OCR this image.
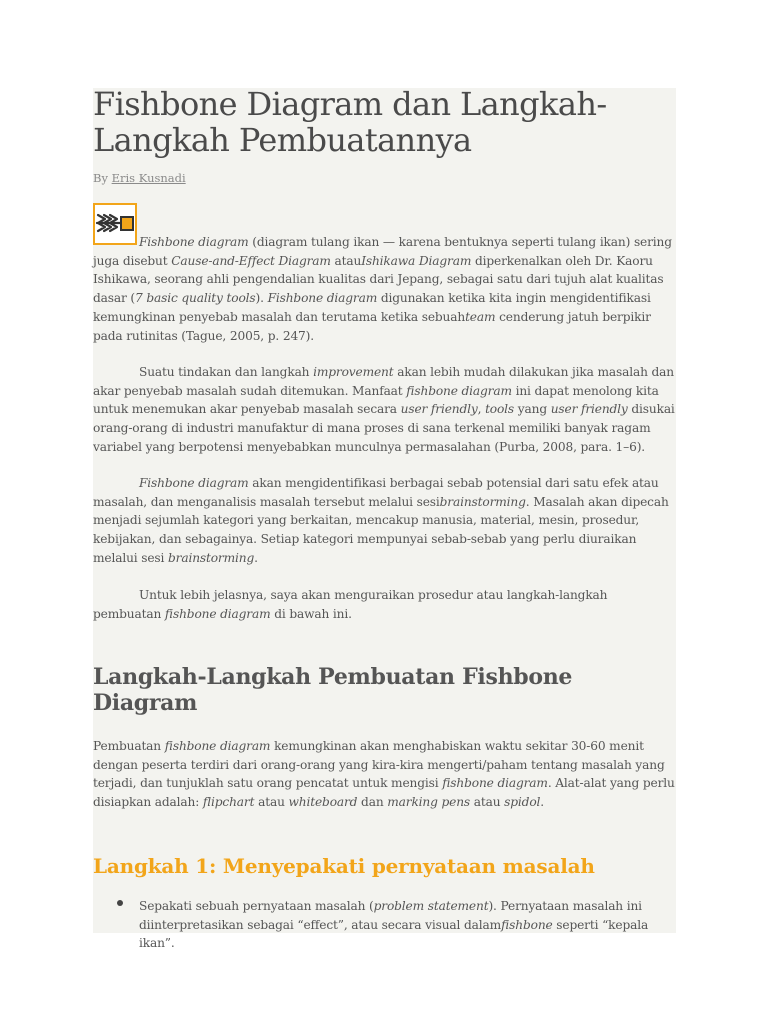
Fishbone Diagram dan Langkah-Langkah Pembuatannya
By Eris Kusnadi

Fishbone diagram (diagram tulang ikan — karena bentuknya seperti tulang ikan) sering juga disebut Cause-and-Effect Diagram atauIshikawa Diagram diperkenalkan oleh Dr. Kaoru Ishikawa, seorang ahli pengendalian kualitas dari Jepang, sebagai satu dari tujuh alat kualitas dasar (7 basic quality tools). Fishbone diagram digunakan ketika kita ingin mengidentifikasi kemungkinan penyebab masalah dan terutama ketika sebuahteam cenderung jatuh berpikir pada rutinitas (Tague, 2005, p. 247).

Suatu tindakan dan langkah improvement akan lebih mudah dilakukan jika masalah dan akar penyebab masalah sudah ditemukan. Manfaat fishbone diagram ini dapat menolong kita untuk menemukan akar penyebab masalah secara user friendly, tools yang user friendly disukai orang-orang di industri manufaktur di mana proses di sana terkenal memiliki banyak ragam variabel yang berpotensi menyebabkan munculnya permasalahan (Purba, 2008, para. 1–6).

Fishbone diagram akan mengidentifikasi berbagai sebab potensial dari satu efek atau masalah, dan menganalisis masalah tersebut melalui sesibrainstorming. Masalah akan dipecah menjadi sejumlah kategori yang berkaitan, mencakup manusia, material, mesin, prosedur, kebijakan, dan sebagainya. Setiap kategori mempunyai sebab-sebab yang perlu diuraikan melalui sesi brainstorming.

Untuk lebih jelasnya, saya akan menguraikan prosedur atau langkah-langkah pembuatan fishbone diagram di bawah ini.

Langkah-Langkah Pembuatan Fishbone Diagram

Pembuatan fishbone diagram kemungkinan akan menghabiskan waktu sekitar 30-60 menit dengan peserta terdiri dari orang-orang yang kira-kira mengerti/paham tentang masalah yang terjadi, dan tunjuklah satu orang pencatat untuk mengisi fishbone diagram. Alat-alat yang perlu disiapkan adalah: flipchart atau whiteboard dan marking pens atau spidol.

Langkah 1: Menyepakati pernyataan masalah

Sepakati sebuah pernyataan masalah (problem statement). Pernyataan masalah ini diinterpretasikan sebagai “effect”, atau secara visual dalamfishbone seperti “kepala ikan”.
